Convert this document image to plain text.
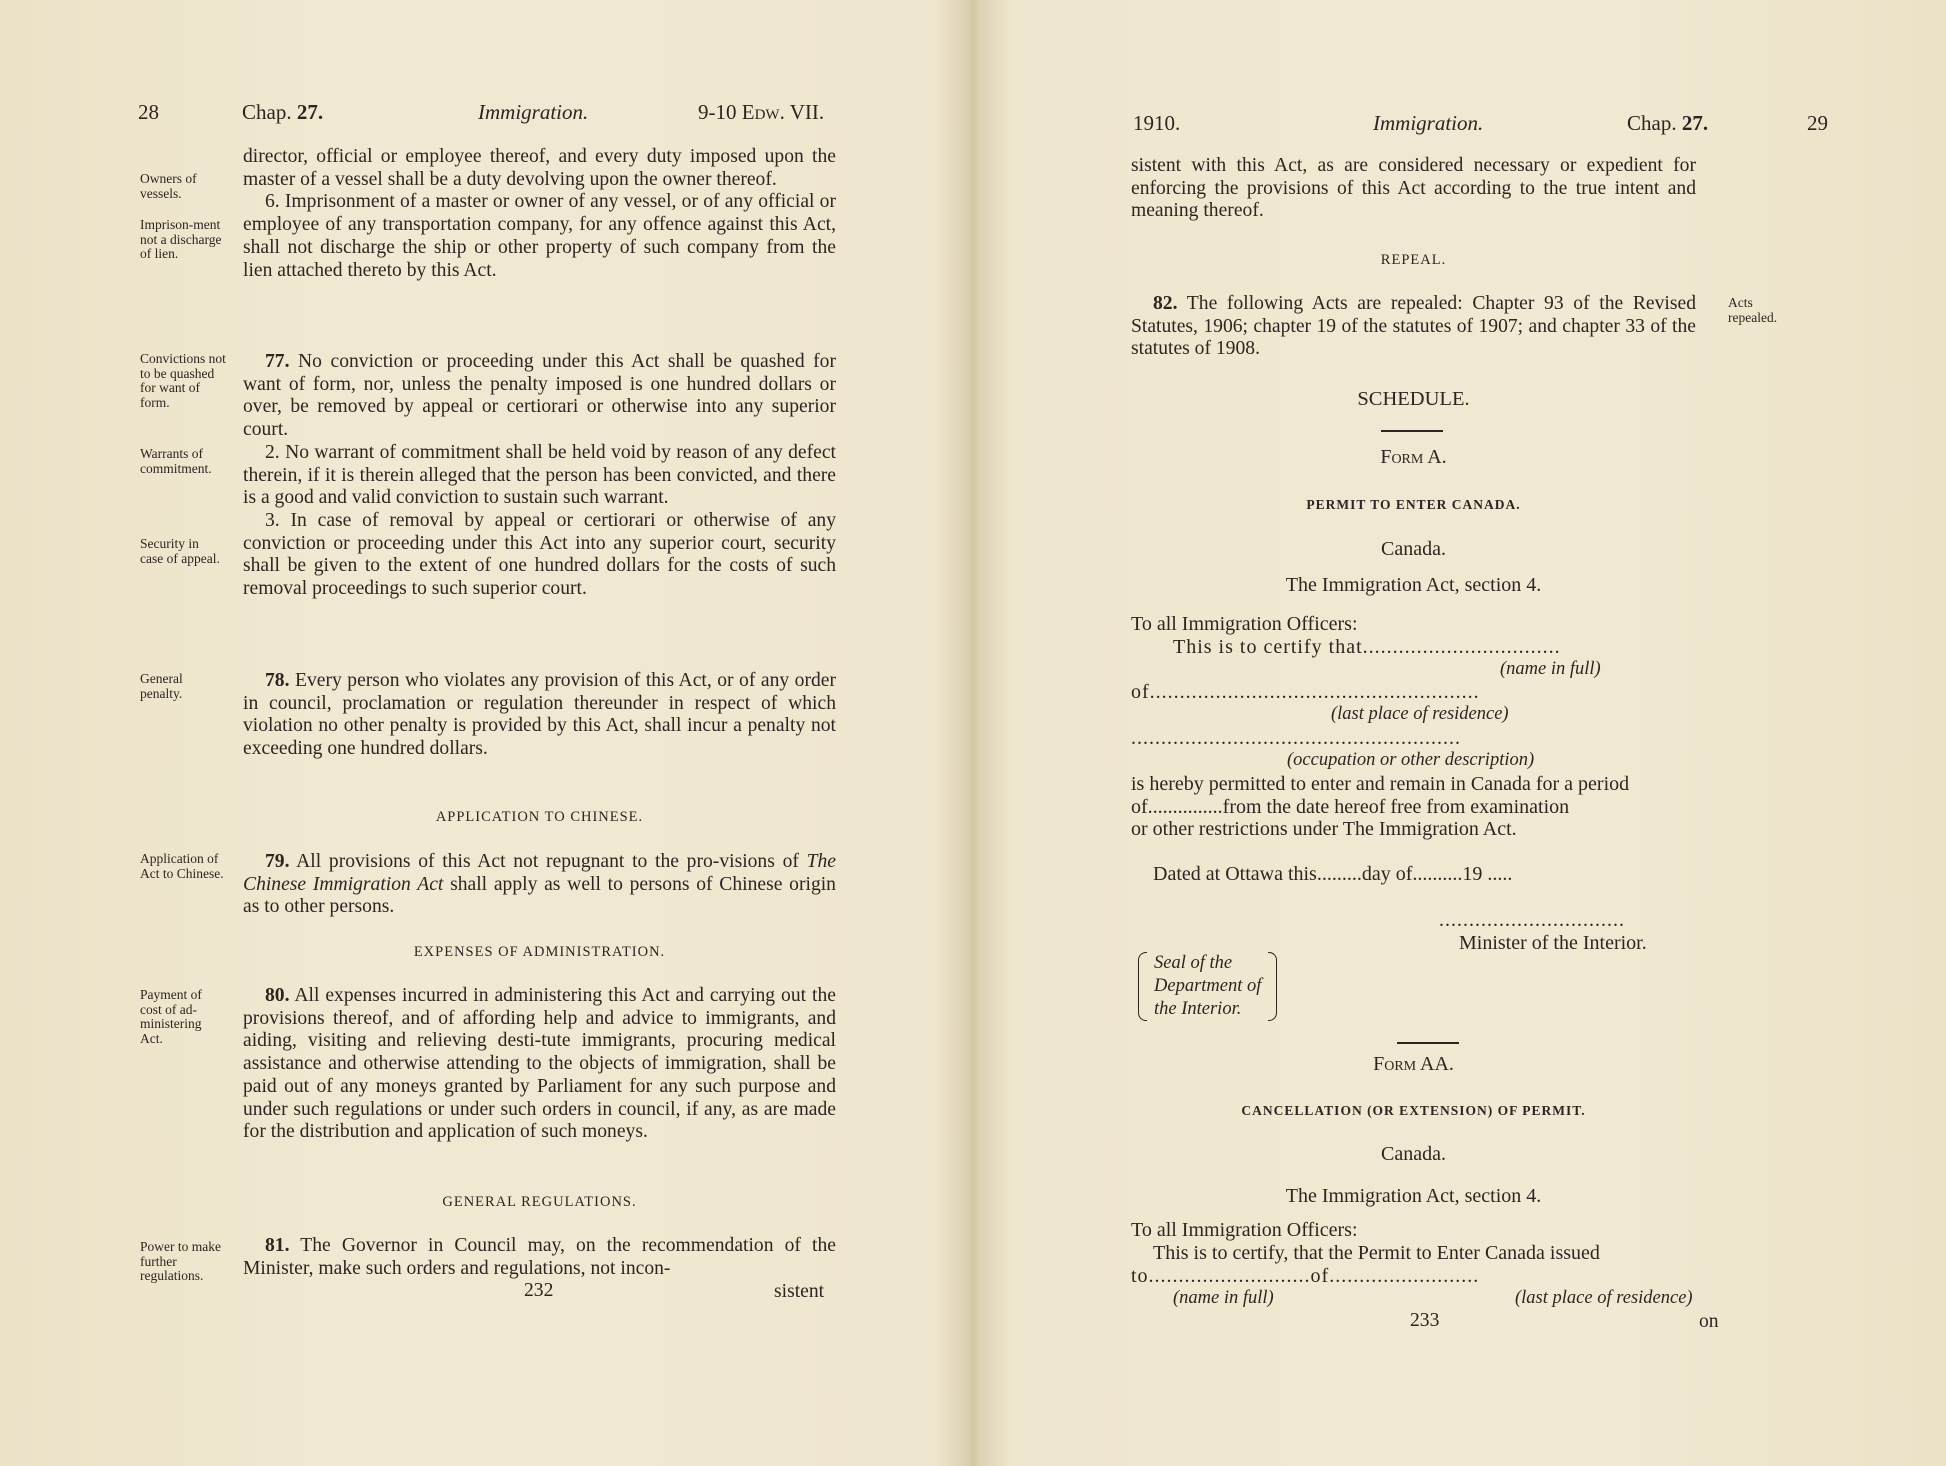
28	Chap. 27.	Immigration.	9-10 Edw. VII.
Owners of vessels.
Imprison-ment not a discharge of lien.
Convictions not to be quashed for want of form.
Warrants of commitment.
Security in case of appeal.
General penalty.
Application of Act to Chinese.
Payment of cost of ad-ministering Act.
Power to make further regulations.

director, official or employee thereof, and every duty imposed upon the master of a vessel shall be a duty devolving upon the owner thereof.

6. Imprisonment of a master or owner of any vessel, or of any official or employee of any transportation company, for any offence against this Act, shall not discharge the ship or other property of such company from the lien attached thereto by this Act.

77. No conviction or proceeding under this Act shall be quashed for want of form, nor, unless the penalty imposed is one hundred dollars or over, be removed by appeal or certiorari or otherwise into any superior court.

2. No warrant of commitment shall be held void by reason of any defect therein, if it is therein alleged that the person has been convicted, and there is a good and valid conviction to sustain such warrant.

3. In case of removal by appeal or certiorari or otherwise of any conviction or proceeding under this Act into any superior court, security shall be given to the extent of one hundred dollars for the costs of such removal proceedings to such superior court.

78. Every person who violates any provision of this Act, or of any order in council, proclamation or regulation thereunder in respect of which violation no other penalty is provided by this Act, shall incur a penalty not exceeding one hundred dollars.

APPLICATION TO CHINESE.

79. All provisions of this Act not repugnant to the pro-visions of The Chinese Immigration Act shall apply as well to persons of Chinese origin as to other persons.

EXPENSES OF ADMINISTRATION.

80. All expenses incurred in administering this Act and carrying out the provisions thereof, and of affording help and advice to immigrants, and aiding, visiting and relieving desti-tute immigrants, procuring medical assistance and otherwise attending to the objects of immigration, shall be paid out of any moneys granted by Parliament for any such purpose and under such regulations or under such orders in council, if any, as are made for the distribution and application of such moneys.

GENERAL REGULATIONS.

81. The Governor in Council may, on the recommendation of the Minister, make such orders and regulations, not incon-

232	sistent
1910.	Immigration.	Chap. 27.	29
sistent with this Act, as are considered necessary or expedient for enforcing the provisions of this Act according to the true intent and meaning thereof.
REPEAL.

82. The following Acts are repealed: Chapter 93 of the Revised Statutes, 1906; chapter 19 of the statutes of 1907; and chapter 33 of the statutes of 1908.

Acts repealed.
SCHEDULE.
Form A.
PERMIT TO ENTER CANADA.
Canada.
The Immigration Act, section 4.
To all Immigration Officers:
This is to certify that.................................
(name in full)
of.......................................................
(last place of residence)
.......................................................
(occupation or other description)
is hereby permitted to enter and remain in Canada for a period
of...............from the date hereof free from examination
or other restrictions under The Immigration Act.
Dated at Ottawa this.........day of..........19 .....
...............................
Minister of the Interior.
Seal of the
Department of
the Interior.
Form AA.
CANCELLATION (OR EXTENSION) OF PERMIT.
Canada.
The Immigration Act, section 4.
To all Immigration Officers:
This is to certify, that the Permit to Enter Canada issued
to...........................of.........................
(name in full)	(last place of residence)
233	on
